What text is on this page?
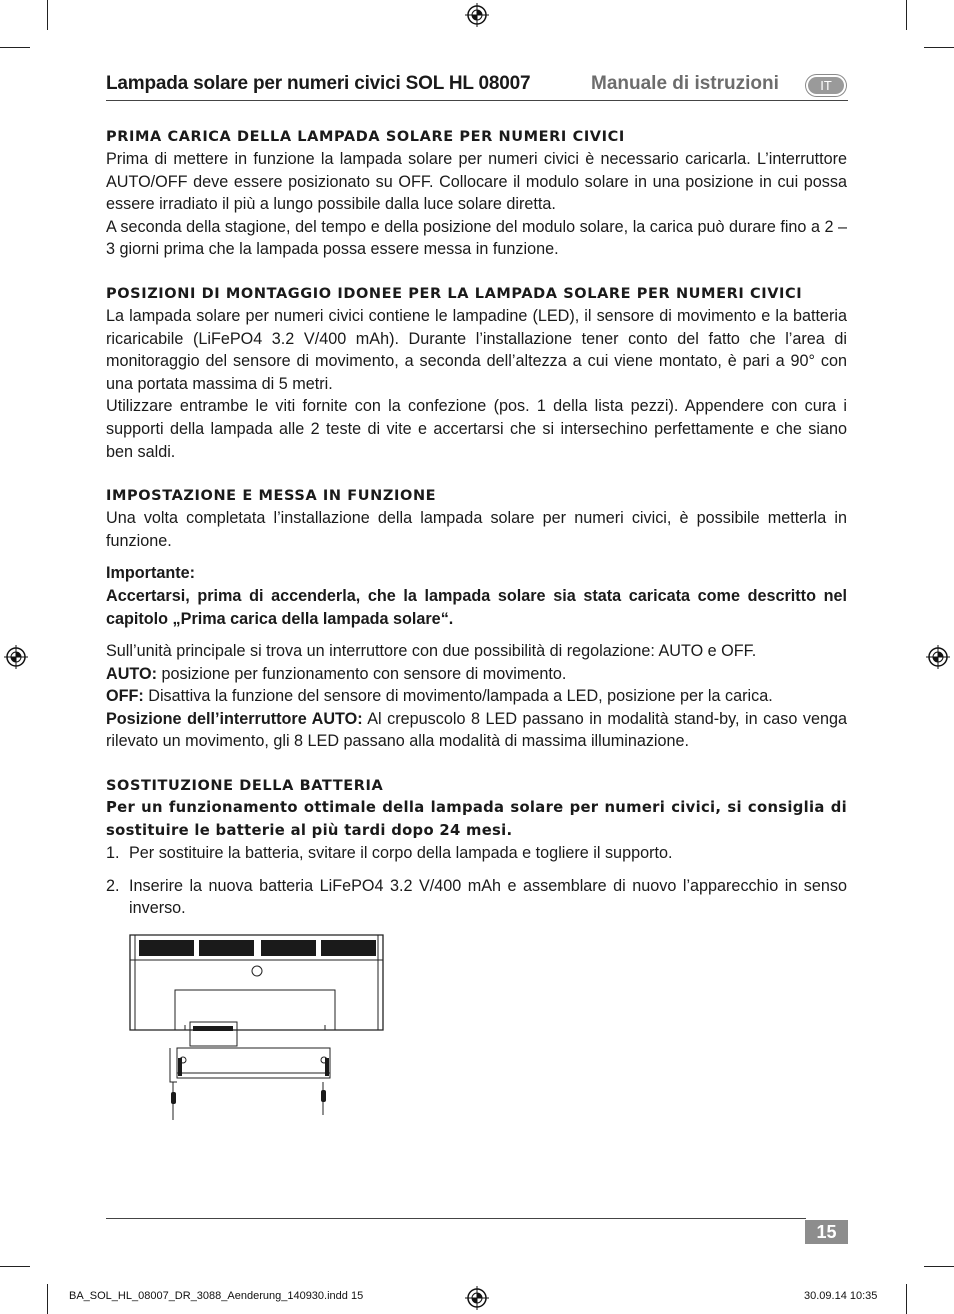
Lampada solare per numeri civici SOL HL 08007	Manuale di istruzioni	IT
PRIMA CARICA DELLA LAMPADA SOLARE PER NUMERI CIVICI

Prima di mettere in funzione la lampada solare per numeri civici è necessario caricarla. L’interruttore AUTO/OFF deve essere posizionato su OFF. Collocare il modulo solare in una posizione in cui possa essere irradiato il più a lungo possibile dalla luce solare diretta.

A seconda della stagione, del tempo e della posizione del modulo solare, la carica può durare fino a 2 – 3 giorni prima che la lampada possa essere messa in funzione.

POSIZIONI DI MONTAGGIO IDONEE PER LA LAMPADA SOLARE PER NUMERI CIVICI

La lampada solare per numeri civici contiene le lampadine (LED), il sensore di movimento e la batteria ricaricabile (LiFePO4 3.2 V/400 mAh). Durante l’installazione tener conto del fatto che l’area di monitoraggio del sensore di movimento, a seconda dell’altezza a cui viene montato, è pari a 90° con una portata massima di 5 metri.

Utilizzare entrambe le viti fornite con la confezione (pos. 1 della lista pezzi). Appendere con cura i supporti della lampada alle 2 teste di vite e accertarsi che si intersechino perfettamente e che siano ben saldi.

IMPOSTAZIONE E MESSA IN FUNZIONE

Una volta completata l’installazione della lampada solare per numeri civici, è possibile metterla in funzione.

Importante:

Accertarsi, prima di accenderla, che la lampada solare sia stata caricata come descritto nel capitolo „Prima carica della lampada solare“.

Sull’unità principale si trova un interruttore con due possibilità di regolazione: AUTO e OFF.

AUTO: posizione per funzionamento con sensore di movimento.

OFF: Disattiva la funzione del sensore di movimento/lampada a LED, posizione per la carica.

Posizione dell’interruttore AUTO: Al crepuscolo 8 LED passano in modalità stand-by, in caso venga rilevato un movimento, gli 8 LED passano alla modalità di massima illuminazione.

SOSTITUZIONE DELLA BATTERIA

Per un funzionamento ottimale della lampada solare per numeri civici, si consiglia di sostituire le batterie al più tardi dopo 24 mesi.

1. Per sostituire la batteria, svitare il corpo della lampada e togliere il supporto.
2. Inserire la nuova batteria LiFePO4 3.2 V/400 mAh e assemblare di nuovo l’apparecchio in senso inverso.
15
BA_SOL_HL_08007_DR_3088_Aenderung_140930.indd 15	30.09.14 10:35
